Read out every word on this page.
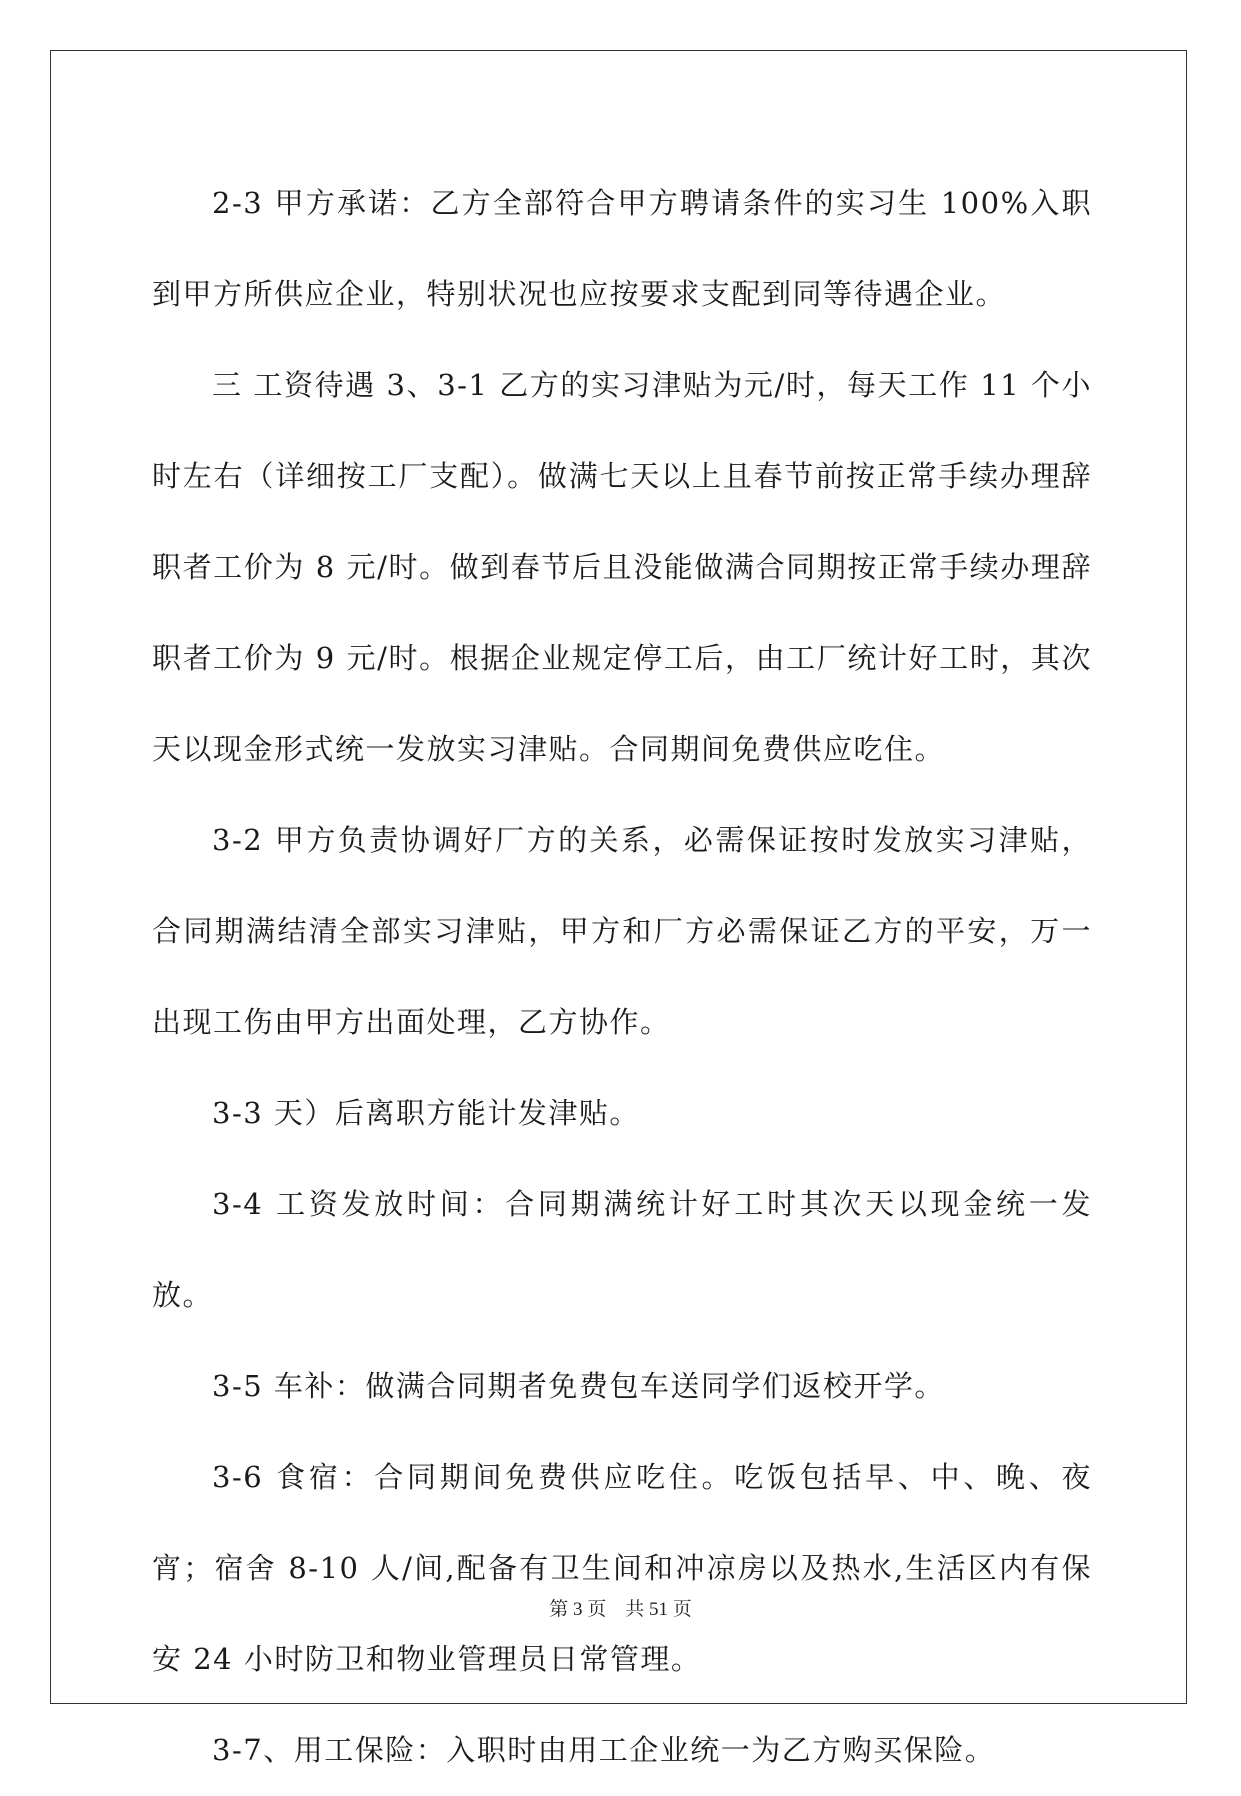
2-3 甲方承诺：乙方全部符合甲方聘请条件的实习生 100%入职到甲方所供应企业，特别状况也应按要求支配到同等待遇企业。

三 工资待遇 3、3-1 乙方的实习津贴为元/时，每天工作 11 个小时左右（详细按工厂支配）。做满七天以上且春节前按正常手续办理辞职者工价为 8 元/时。做到春节后且没能做满合同期按正常手续办理辞职者工价为 9 元/时。根据企业规定停工后，由工厂统计好工时，其次天以现金形式统一发放实习津贴。合同期间免费供应吃住。

3-2 甲方负责协调好厂方的关系，必需保证按时发放实习津贴，合同期满结清全部实习津贴，甲方和厂方必需保证乙方的平安，万一出现工伤由甲方出面处理，乙方协作。

3-3 天）后离职方能计发津贴。

3-4 工资发放时间：合同期满统计好工时其次天以现金统一发放。

3-5 车补：做满合同期者免费包车送同学们返校开学。

3-6 食宿：合同期间免费供应吃住。吃饭包括早、中、晚、夜宵；宿舍 8-10 人/间,配备有卫生间和冲凉房以及热水,生活区内有保安 24 小时防卫和物业管理员日常管理。

3-7、用工保险：入职时由用工企业统一为乙方购买保险。

第 3 页 共 51 页
